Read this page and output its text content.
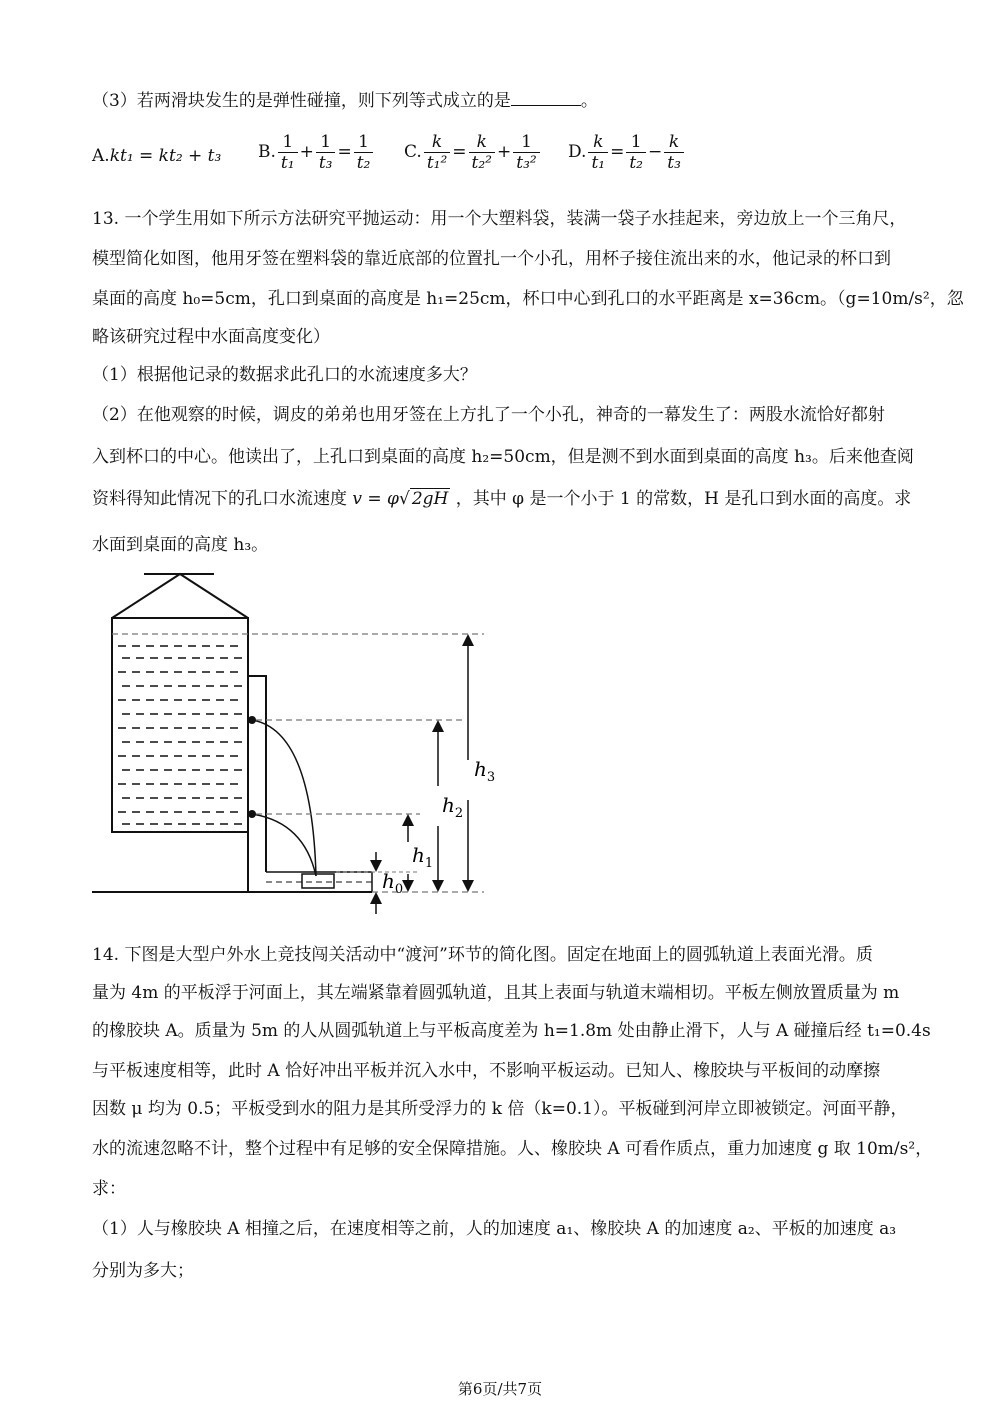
（3）若两滑块发生的是弹性碰撞，则下列等式成立的是	。
A.kt₁ = kt₂ + t₃ B. $\frac{1}{\text{t₁}} + \frac{1}{\text{t₃}} = \frac{1}{\text{t₂}} C$. $\frac{k}{\text{t₁²}} = \frac{k}{\text{t₂²}} + \frac{1}{\text{t₃²}} D$. $\frac{k}{\text{t₁}} = \frac{1}{\text{t₂}} - \frac{k}{\text{t₃}}$
13. 一个学生用如下所示方法研究平抛运动：用一个大塑料袋，装满一袋子水挂起来，旁边放上一个三角尺，
模型简化如图，他用牙签在塑料袋的靠近底部的位置扎一个小孔，用杯子接住流出来的水，他记录的杯口到
桌面的高度 h₀=5cm，孔口到桌面的高度是 h₁=25cm，杯口中心到孔口的水平距离是 x=36cm。（g=10m/s²，忽
略该研究过程中水面高度变化）
（1）根据他记录的数据求此孔口的水流速度多大？
（2）在他观察的时候，调皮的弟弟也用牙签在上方扎了一个小孔，神奇的一幕发生了：两股水流恰好都射
入到杯口的中心。他读出了，上孔口到桌面的高度 h₂=50cm，但是测不到水面到桌面的高度 h₃。后来他查阅
资料得知此情况下的孔口水流速度 v = φ√ 2gH ，其中 φ 是一个小于 1 的常数，H 是孔口到水面的高度。求
水面到桌面的高度 h₃。
$h_3$
$h_2$
$h_1$
$h_0$
14. 下图是大型户外水上竞技闯关活动中“渡河”环节的简化图。固定在地面上的圆弧轨道上表面光滑。质
量为 4m 的平板浮于河面上，其左端紧靠着圆弧轨道，且其上表面与轨道末端相切。平板左侧放置质量为 m
的橡胶块 A。质量为 5m 的人从圆弧轨道上与平板高度差为 h=1.8m 处由静止滑下，人与 A 碰撞后经 t₁=0.4s
与平板速度相等，此时 A 恰好冲出平板并沉入水中，不影响平板运动。已知人、橡胶块与平板间的动摩擦
因数 μ 均为 0.5；平板受到水的阻力是其所受浮力的 k 倍（k=0.1）。平板碰到河岸立即被锁定。河面平静，
水的流速忽略不计，整个过程中有足够的安全保障措施。人、橡胶块 A 可看作质点，重力加速度 g 取 10m/s²，
求：
（1）人与橡胶块 A 相撞之后，在速度相等之前，人的加速度 a₁、橡胶块 A 的加速度 a₂、平板的加速度 a₃
分别为多大；
第6页/共7页
